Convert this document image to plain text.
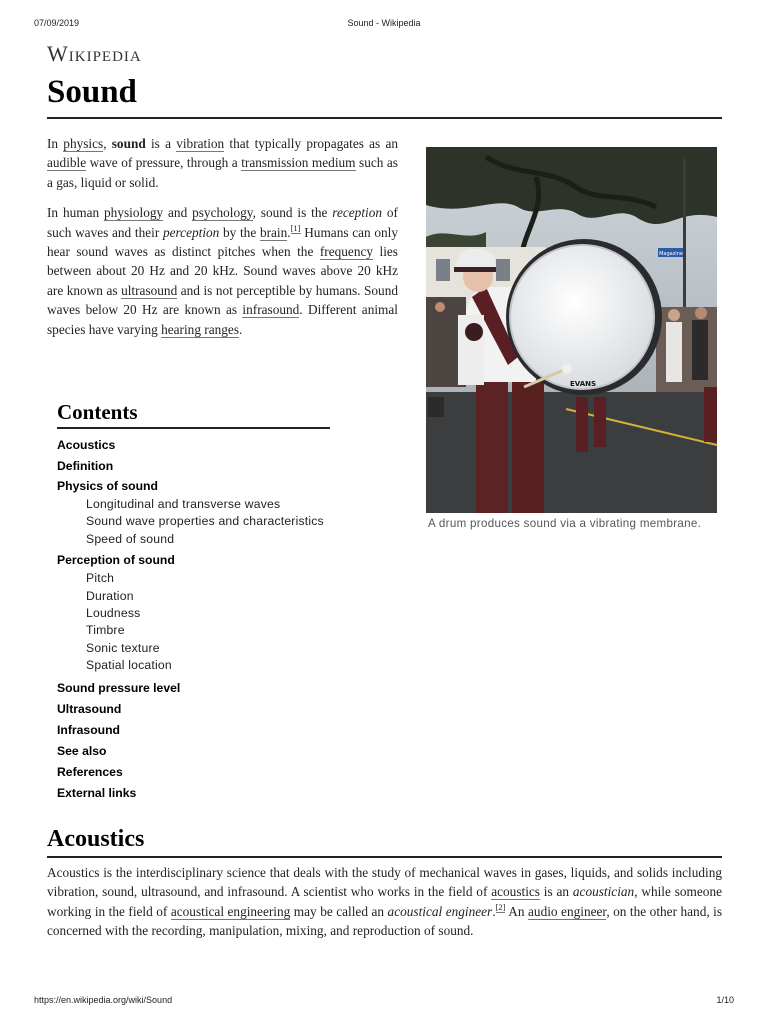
07/09/2019	Sound - Wikipedia
https://en.wikipedia.org/wiki/Sound	1/10
Wikipedia
Sound

In physics, sound is a vibration that typically propagates as an audible wave of pressure, through a transmission medium such as a gas, liquid or solid.

In human physiology and psychology, sound is the reception of such waves and their perception by the brain.[1] Humans can only hear sound waves as distinct pitches when the frequency lies between about 20 Hz and 20 kHz. Sound waves above 20 kHz are known as ultrasound and is not perceptible by humans. Sound waves below 20 Hz are known as infrasound. Different animal species have varying hearing ranges.

Magazine
EVANS
A drum produces sound via a vibrating membrane.
Contents
Acoustics
Definition
Physics of sound
Longitudinal and transverse waves
Sound wave properties and characteristics
Speed of sound
Perception of sound
Pitch
Duration
Loudness
Timbre
Sonic texture
Spatial location
Sound pressure level
Ultrasound
Infrasound
See also
References
External links
Acoustics

Acoustics is the interdisciplinary science that deals with the study of mechanical waves in gases, liquids, and solids including vibration, sound, ultrasound, and infrasound. A scientist who works in the field of acoustics is an acoustician, while someone working in the field of acoustical engineering may be called an acoustical engineer.[2] An audio engineer, on the other hand, is concerned with the recording, manipulation, mixing, and reproduction of sound.
